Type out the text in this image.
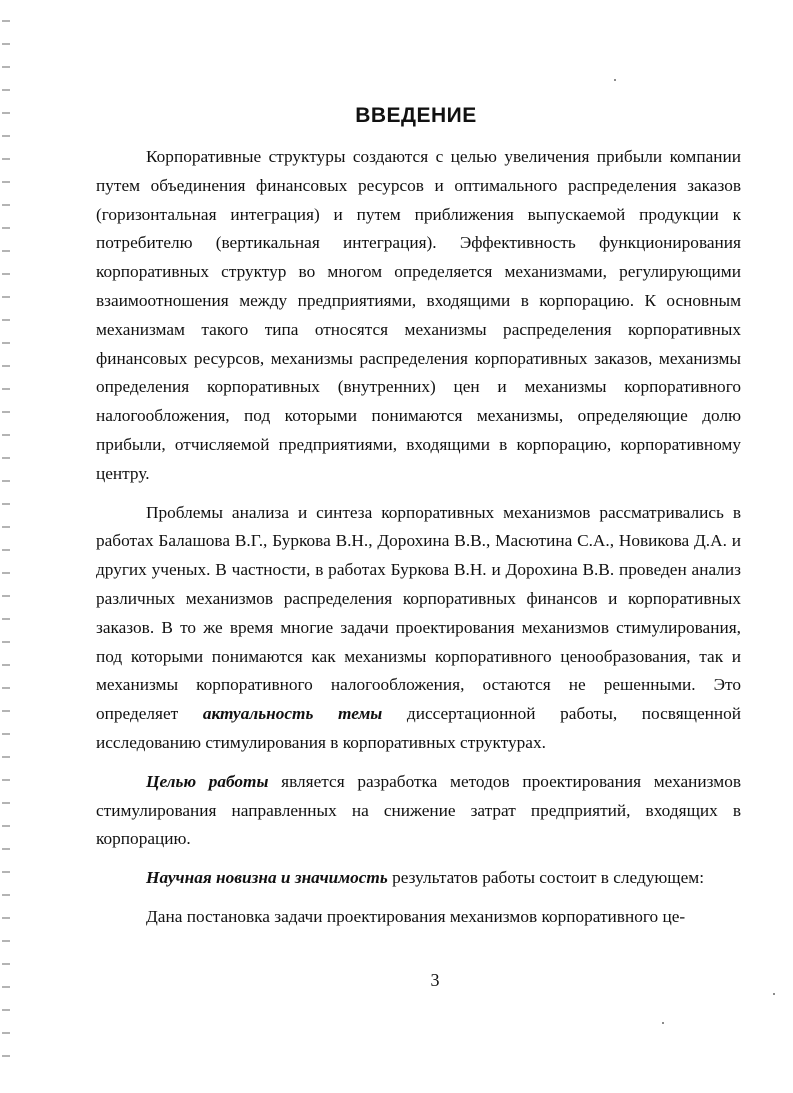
ВВЕДЕНИЕ

Корпоративные структуры создаются с целью увеличения прибыли компании путем объединения финансовых ресурсов и оптимального распределения заказов (горизонтальная интеграция) и путем приближения выпускаемой продукции к потребителю (вертикальная интеграция). Эффективность функционирования корпоративных структур во многом определяется механизмами, регулирующими взаимоотношения между предприятиями, входящими в корпорацию. К основным механизмам такого типа относятся механизмы распределения корпоративных финансовых ресурсов, механизмы распределения корпоративных заказов, механизмы определения корпоративных (внутренних) цен и механизмы корпоративного налогообложения, под которыми понимаются механизмы, определяющие долю прибыли, отчисляемой предприятиями, входящими в корпорацию, корпоративному центру.

Проблемы анализа и синтеза корпоративных механизмов рассматривались в работах Балашова В.Г., Буркова В.Н., Дорохина В.В., Масютина С.А., Новикова Д.А. и других ученых. В частности, в работах Буркова В.Н. и Дорохина В.В. проведен анализ различных механизмов распределения корпоративных финансов и корпоративных заказов. В то же время многие задачи проектирования механизмов стимулирования, под которыми понимаются как механизмы корпоративного ценообразования, так и механизмы корпоративного налогообложения, остаются не решенными. Это определяет актуальность темы диссертационной работы, посвященной исследованию стимулирования в корпоративных структурах.

Целью работы является разработка методов проектирования механизмов стимулирования направленных на снижение затрат предприятий, входящих в корпорацию.

Научная новизна и значимость результатов работы состоит в следующем:

Дана постановка задачи проектирования механизмов корпоративного це-

3
